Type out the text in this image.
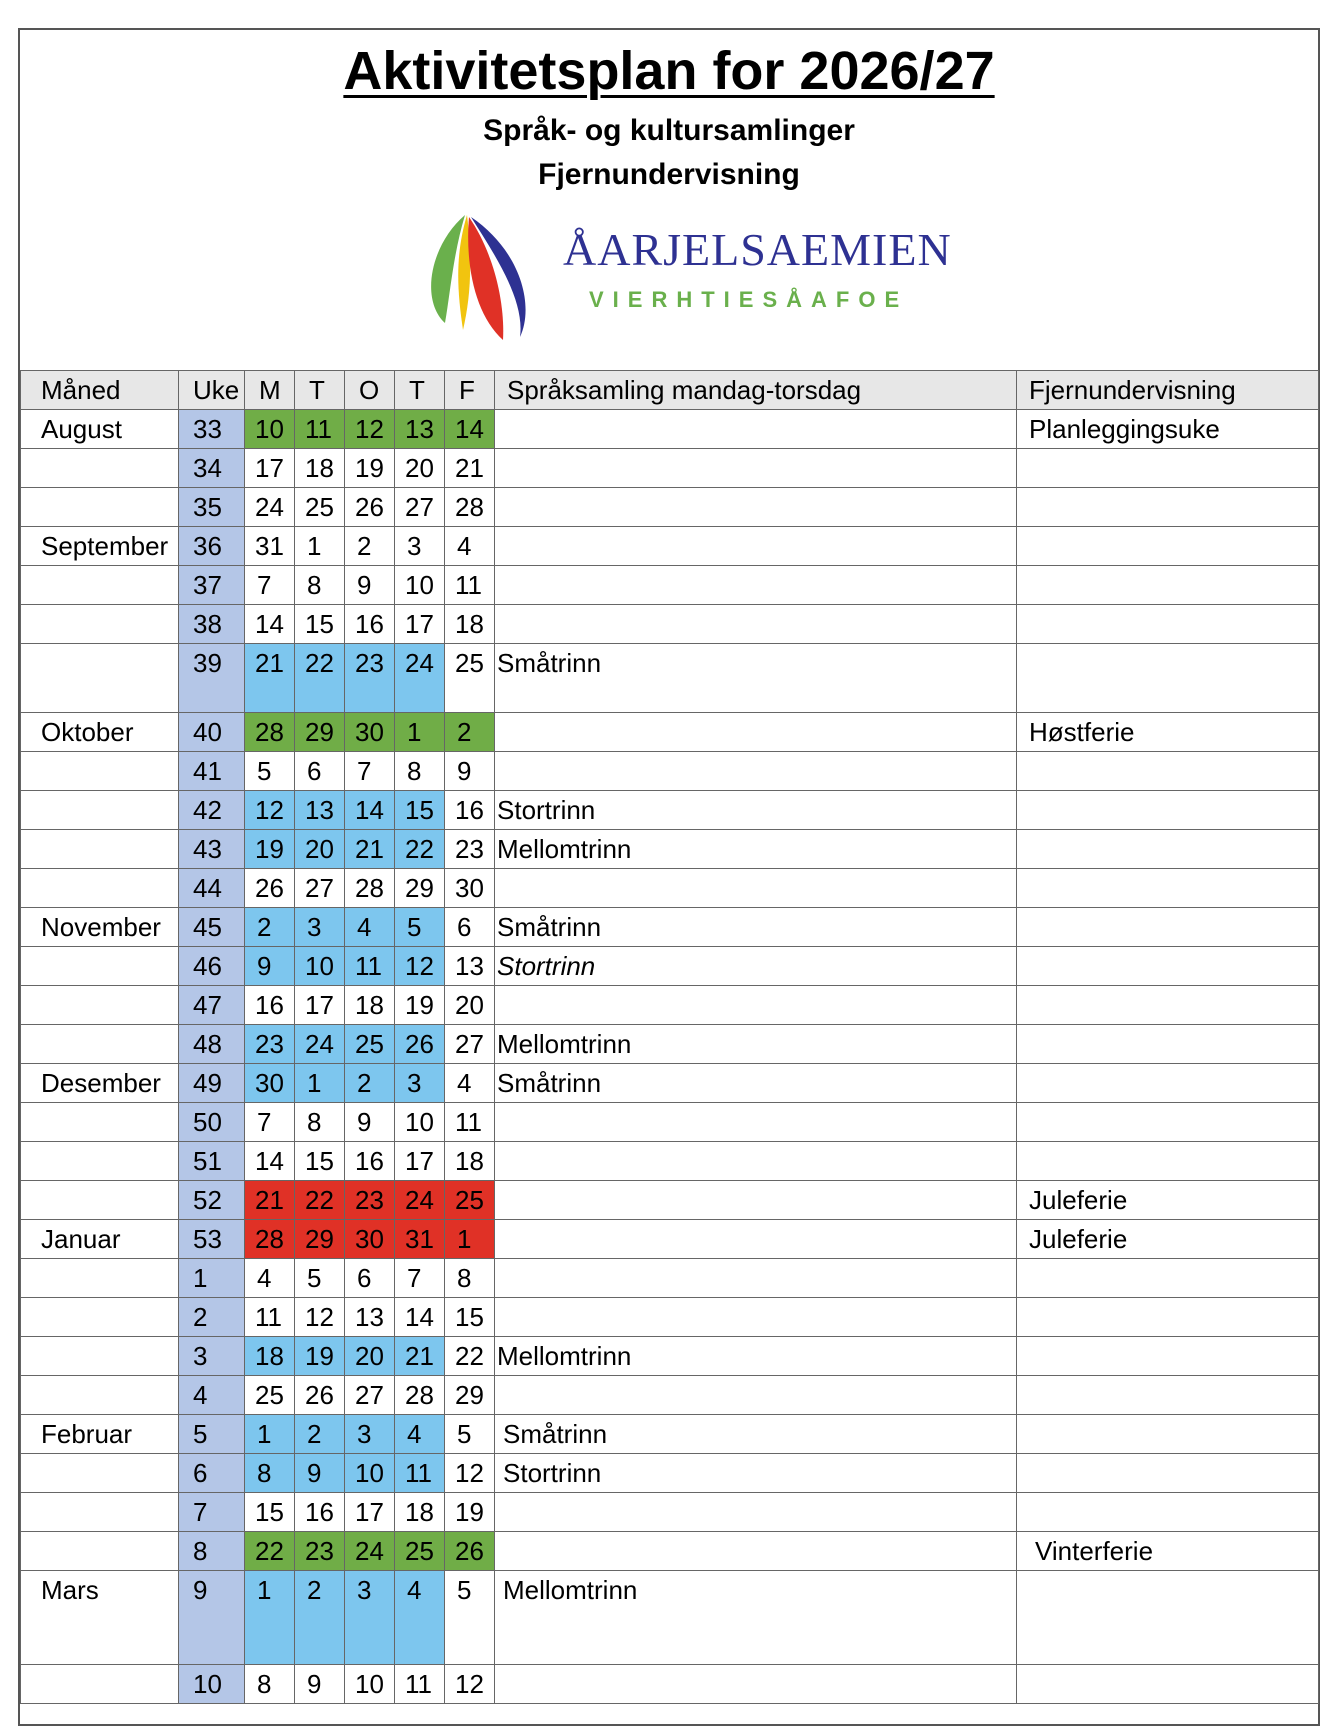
Aktivitetsplan for 2026/27
Språk- og kultursamlinger
Fjernundervisning
ÅARJELSAEMIEN
VIERHTIESÅAFOE
Måned	Uke	M	T	O	T	F	Språksamling mandag-torsdag	Fjernundervisning
August	33	10	11	12	13	14		Planleggingsuke
	34	17	18	19	20	21		
	35	24	25	26	27	28		
September	36	31	1	2	3	4		
	37	7	8	9	10	11		
	38	14	15	16	17	18		
	39	21	22	23	24	25	Småtrinn	
Oktober	40	28	29	30	1	2		Høstferie
	41	5	6	7	8	9		
	42	12	13	14	15	16	Stortrinn	
	43	19	20	21	22	23	Mellomtrinn	
	44	26	27	28	29	30		
November	45	2	3	4	5	6	Småtrinn	
	46	9	10	11	12	13	Stortrinn	
	47	16	17	18	19	20		
	48	23	24	25	26	27	Mellomtrinn	
Desember	49	30	1	2	3	4	Småtrinn	
	50	7	8	9	10	11		
	51	14	15	16	17	18		
	52	21	22	23	24	25		Juleferie
Januar	53	28	29	30	31	1		Juleferie
	1	4	5	6	7	8		
	2	11	12	13	14	15		
	3	18	19	20	21	22	Mellomtrinn	
	4	25	26	27	28	29		
Februar	5	1	2	3	4	5	Småtrinn	
	6	8	9	10	11	12	Stortrinn	
	7	15	16	17	18	19		
	8	22	23	24	25	26		Vinterferie
Mars	9	1	2	3	4	5	Mellomtrinn	
	10	8	9	10	11	12		
